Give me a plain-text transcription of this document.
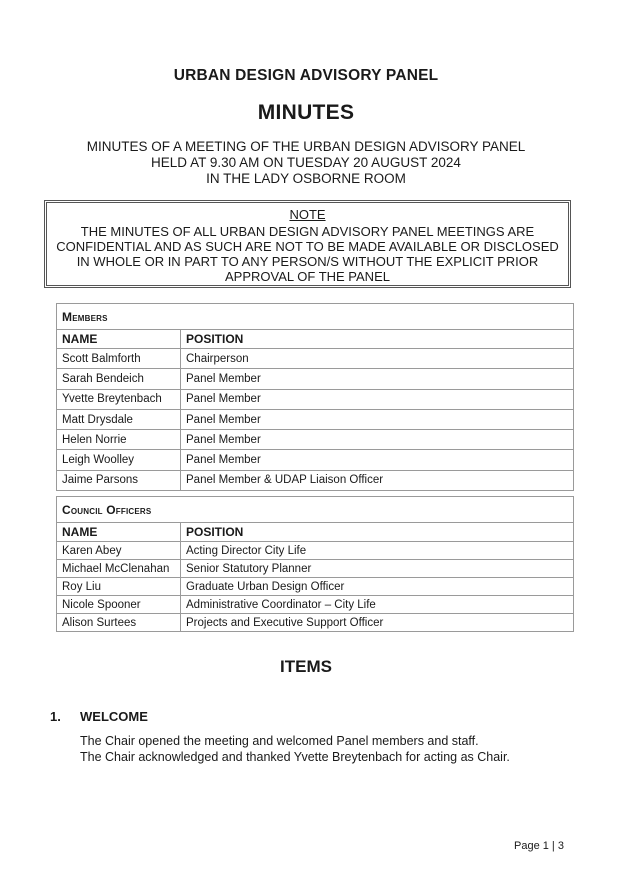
URBAN DESIGN ADVISORY PANEL
MINUTES
MINUTES OF A MEETING OF THE URBAN DESIGN ADVISORY PANEL
HELD AT 9.30 AM ON TUESDAY 20 AUGUST 2024
IN THE LADY OSBORNE ROOM
NOTE
THE MINUTES OF ALL URBAN DESIGN ADVISORY PANEL MEETINGS ARE CONFIDENTIAL AND AS SUCH ARE NOT TO BE MADE AVAILABLE OR DISCLOSED IN WHOLE OR IN PART TO ANY PERSON/S WITHOUT THE EXPLICIT PRIOR APPROVAL OF THE PANEL
Members	
NAME	POSITION
Scott Balmforth	Chairperson
Sarah Bendeich	Panel Member
Yvette Breytenbach	Panel Member
Matt Drysdale	Panel Member
Helen Norrie	Panel Member
Leigh Woolley	Panel Member
Jaime Parsons	Panel Member & UDAP Liaison Officer
Council Officers	
NAME	POSITION
Karen Abey	Acting Director City Life
Michael McClenahan	Senior Statutory Planner
Roy Liu	Graduate Urban Design Officer
Nicole Spooner	Administrative Coordinator – City Life
Alison Surtees	Projects and Executive Support Officer
ITEMS
1. WELCOME
The Chair opened the meeting and welcomed Panel members and staff.
The Chair acknowledged and thanked Yvette Breytenbach for acting as Chair.
Page 1 | 3
